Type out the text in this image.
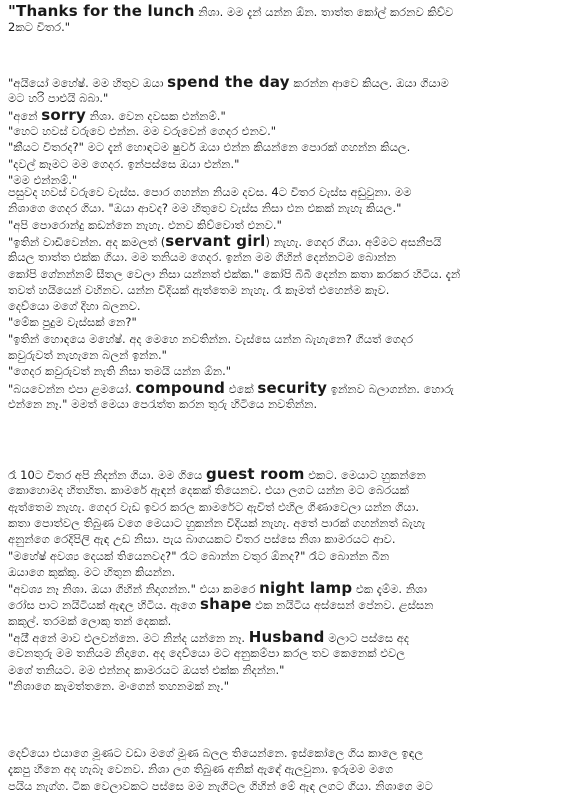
"Thanks for the lunch නිශා. මම දැන් යන්න ඕන. තාත්ත කෝල් කරනව කිව්ව
2කට විතර."
"අයියෝ මහේෂ්. මම හිතුව ඔයා spend the day කරන්න ආවෙ කියල. ඔයා ගියාම
මට හරි පාළුයි බබා."
"අනේ sorry නිශා. වෙන දවසක එන්නම්."
"හෙට හවස් වරුවෙ එන්න. මම වරුවෙන් ගෙදර එනව."
"කීයට විතරද?" මට දැන් හොඳටම ෂුවර් ඔයා එන්න කියන්නෙ පොරක් ගහන්න කියල.
"දවල් කෑමට මම ගෙදර. ඉන්පස්සෙ ඔයා එන්න."
"මම එන්නම්."
පසුවද හවස් වරුවෙ වැස්ස. පොර ගහන්න නියම දවස. 4ට විතර වැස්ස අඩුවුනා. මම
නිශාගෙ ගෙදර ගියා. "ඔයා ආවද? මම හිතුවෙ වැස්ස නිසා එන එකක් නැහැ කියල."
"අපි පොරොන්දු කඩන්නෙ නැහැ. එනව කිව්වොත් එනව."
"ඉතින් වාඩිවෙන්න. අද කමලත් (servant girl) නැහැ. ගෙදර ගියා. අම්මට අසනීපයි
කියල තාත්ත එක්ක ගියා. මම තනියම ගෙදර. ඉන්න මම ගිහින් දෙන්නටම බොන්න
කෝපි ගේනන්නම් සීතල වෙලා නිසා යන්නත් එක්ක." කෝපි බිබී දෙන්න කතා කරකර හිටිය. දැන්
තවත් හයියෙන් වහිනව. යන්න විදියක් ඇත්තෙම නැහැ. රෑ කෑමත් එහෙන්ම කෑව.
දෙව්යො මගේ දිහා බලනව.
"මේක පුදුම වැස්සක් නෙ?"
"ඉතින් හොඳයෙ මහේෂ්. අද මෙහෙ නවතින්න. වැස්සෙ යන්න බැහැනෙ? ගියත් ගෙදර
කවුරුවත් නැහැනෙ බලන් ඉන්න."
"ගෙදර කවුරුවත් නැති නිසා තමයි යන්න ඕන."
"බයවෙන්න එපා ළමයෝ. compound එකේ security ඉන්නව බලාගන්න. හොරු
එන්නෙ නෑ." මමත් මෙයා පෙරැත්ත කරන තුරු හිටියෙ නවතින්න.
රෑ 10ට විතර අපි නිදන්න ගියා. මම ගියෙ guest room එකට. මෙයාට හුකන්නෙ
කොහොමද හිතහිත. කාමරේ ඇඳන් දෙකක් තියෙනව. එයා ලගට යන්න මට බෙරයක්
ඇත්තෙම නැහැ. ගෙදර වැඩ ඉවර කරල කාමරේට ඇවිත් එහිල ගිණාවෙලා යන්න ගියා.
කතා පොත්වල තිබුණ වගෙ මෙයාට හුකන්න විදියක් නැහැ. අතේ පාරක් ගහන්නත් බැහැ
අනුන්ගෙ රෙදිපිලි ඇඳ උඩ නිසා. පැය බාගයකට විතර පස්සෙ නිශා කාමරයට ආව.
"මහේෂ් අවශ්‍ය දෙයක් තියෙනවද?" රෑට බොන්න වතුර ඕනද?" රෑට බොන්න බීන
ඔයාගෙ කුක්කු. මට හිතුන කියන්න.
"අවශ්‍ය නෑ නිශා. ඔයා ගිහින් නිදාගන්න." එයා කමරෙ night lamp එක දැම්ම. නිශා
රෝස පාට නයිටියක් ඇඳල හිටිය. ඇගෙ shape එක නයිටිය අස්සෙන් පේනව. ළස්සන
කකුල්. තරමක් ලොකු තන් දෙකක්.
"අයි් අනේ මාව එලවන්නෙ. මට නින්ද යන්නෙ නෑ. Husband මලාට පස්සෙ අද
වෙනතුරු මම තනියම නිදාගෙ. අද දෙව්යො මට අනුකම්පා කරල තව කෙනෙක් එවල
මගේ තනියට. මම එන්නද කාමරයට ඔයත් එක්ක නිදන්න."
"නිශාගෙ කැමත්තනෙ. මංගෙන් තහනමක් නෑ."
දෙව්යො එයාගෙ මූණට වඩා මගේ මූණ බලල තියෙන්නෙ. ඉස්කෝලෙ ගිය කාලෙ ඉඳල
දැකපු හීනෙ අද හැබෑ වෙනව. නිශා ලග තිබුණ අනික් ඇඳේ ඇලවුනා. ඉරුමම මගෙ
පයිය නැග්ග. ටික වෙලාවකට පස්සෙ මම නැගිටල ගිහින් මේ ඇඳ ලගට ගියා. නිශාගෙ මට
